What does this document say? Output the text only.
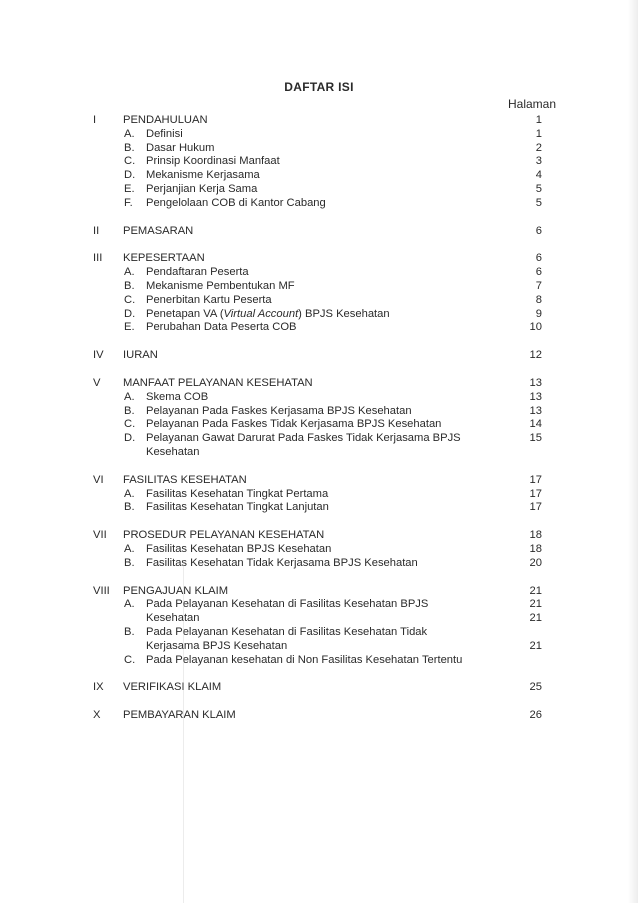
DAFTAR ISI
Halaman
I PENDAHULUAN	1
A. Definisi	1
B. Dasar Hukum	2
C. Prinsip Koordinasi Manfaat	3
D. Mekanisme Kerjasama	4
E. Perjanjian Kerja Sama	5
F. Pengelolaan COB di Kantor Cabang	5
II PEMASARAN	6
III KEPESERTAAN	6
A. Pendaftaran Peserta	6
B. Mekanisme Pembentukan MF	7
C. Penerbitan Kartu Peserta	8
D. Penetapan VA (Virtual Account) BPJS Kesehatan	9
E. Perubahan Data Peserta COB	10
IV IURAN	12
V MANFAAT PELAYANAN KESEHATAN	13
A. Skema COB	13
B. Pelayanan Pada Faskes Kerjasama BPJS Kesehatan	13
C. Pelayanan Pada Faskes Tidak Kerjasama BPJS Kesehatan	14
D. Pelayanan Gawat Darurat Pada Faskes Tidak Kerjasama BPJS	15
Kesehatan
VI FASILITAS KESEHATAN	17
A. Fasilitas Kesehatan Tingkat Pertama	17
B. Fasilitas Kesehatan Tingkat Lanjutan	17
VII PROSEDUR PELAYANAN KESEHATAN	18
A. Fasilitas Kesehatan BPJS Kesehatan	18
B. Fasilitas Kesehatan Tidak Kerjasama BPJS Kesehatan	20
VIII PENGAJUAN KLAIM	21
A. Pada Pelayanan Kesehatan di Fasilitas Kesehatan BPJS	21
Kesehatan	21
B. Pada Pelayanan Kesehatan di Fasilitas Kesehatan Tidak
Kerjasama BPJS Kesehatan	21
C. Pada Pelayanan kesehatan di Non Fasilitas Kesehatan Tertentu
IX VERIFIKASI KLAIM	25
X PEMBAYARAN KLAIM	26
